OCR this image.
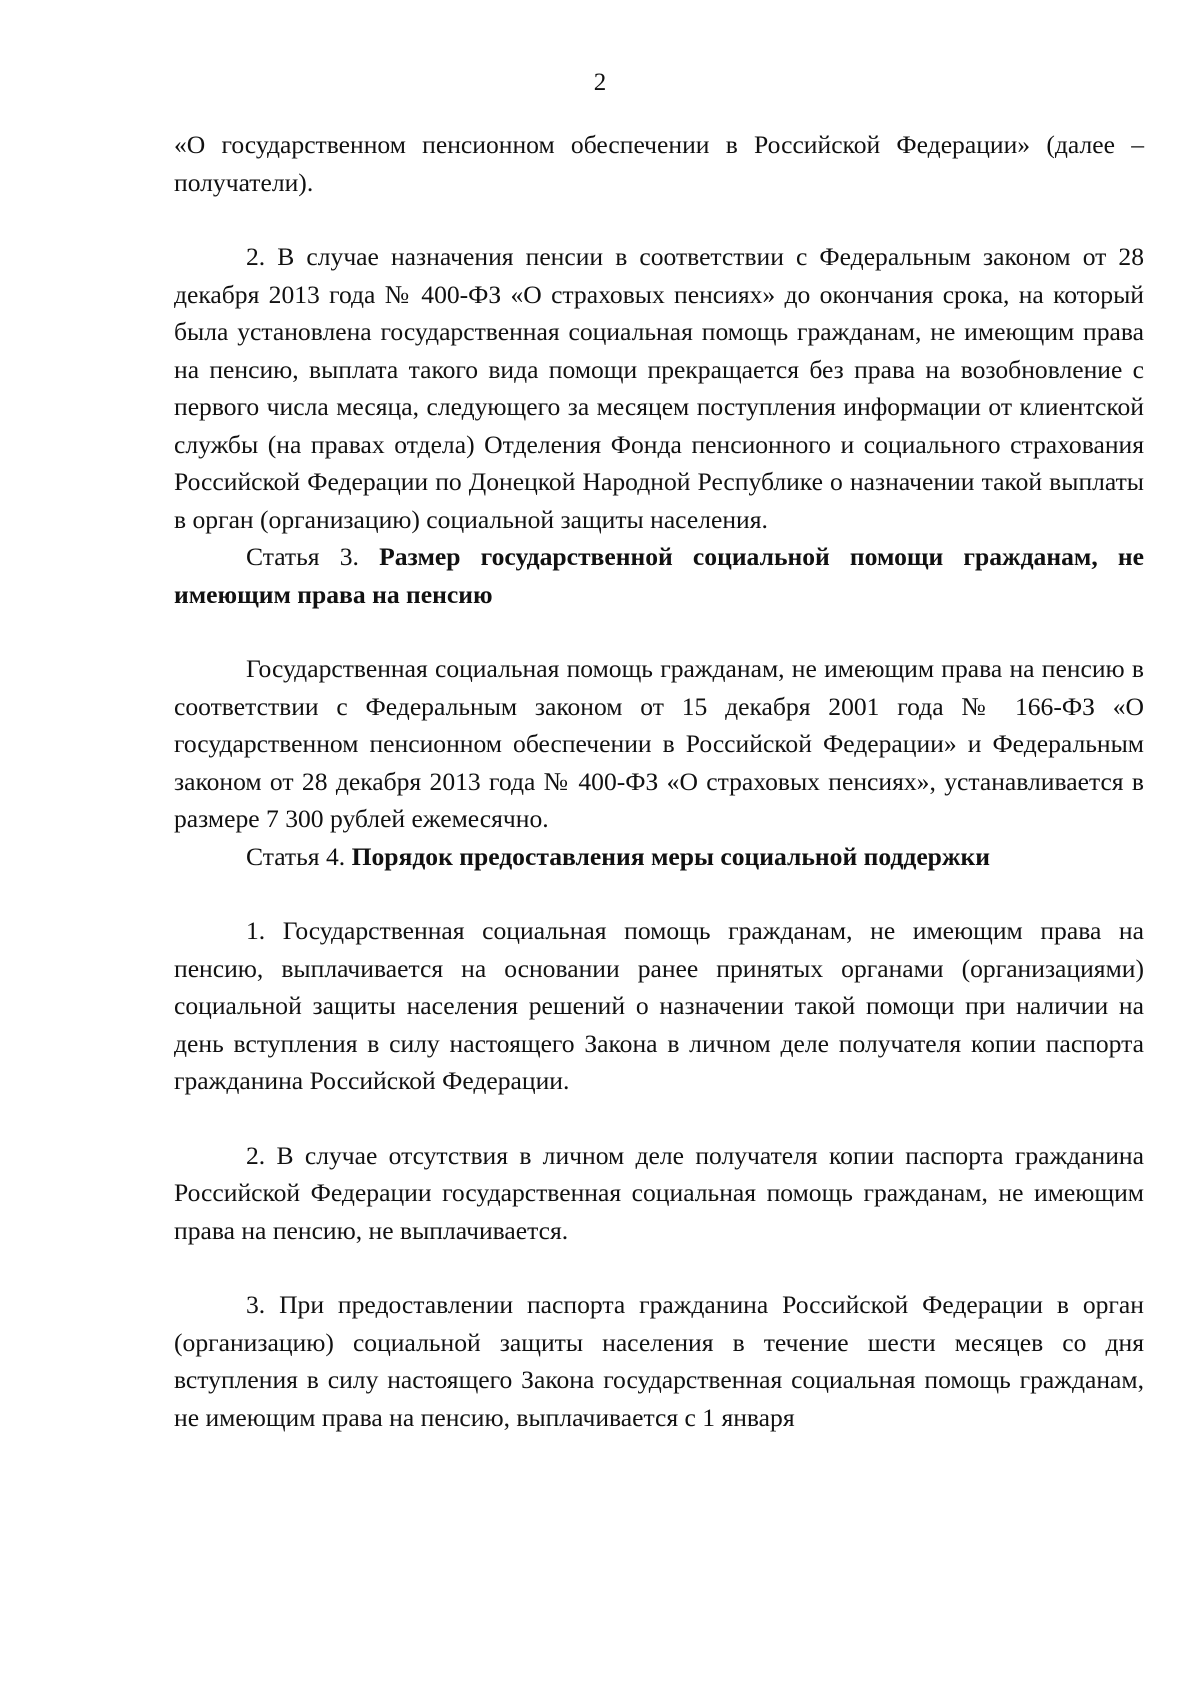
2

«О государственном пенсионном обеспечении в Российской Федерации» (далее – получатели).

2. В случае назначения пенсии в соответствии с Федеральным законом от 28 декабря 2013 года № 400-ФЗ «О страховых пенсиях» до окончания срока, на который была установлена государственная социальная помощь гражданам, не имеющим права на пенсию, выплата такого вида помощи прекращается без права на возобновление с первого числа месяца, следующего за месяцем поступления информации от клиентской службы (на правах отдела) Отделения Фонда пенсионного и социального страхования Российской Федерации по Донецкой Народной Республике о назначении такой выплаты в орган (организацию) социальной защиты населения.

Статья 3. Размер государственной социальной помощи гражданам, не имеющим права на пенсию

Государственная социальная помощь гражданам, не имеющим права на пенсию в соответствии с Федеральным законом от 15 декабря 2001 года № 166-ФЗ «О государственном пенсионном обеспечении в Российской Федерации» и Федеральным законом от 28 декабря 2013 года № 400-ФЗ «О страховых пенсиях», устанавливается в размере 7 300 рублей ежемесячно.

Статья 4. Порядок предоставления меры социальной поддержки

1. Государственная социальная помощь гражданам, не имеющим права на пенсию, выплачивается на основании ранее принятых органами (организациями) социальной защиты населения решений о назначении такой помощи при наличии на день вступления в силу настоящего Закона в личном деле получателя копии паспорта гражданина Российской Федерации.

2. В случае отсутствия в личном деле получателя копии паспорта гражданина Российской Федерации государственная социальная помощь гражданам, не имеющим права на пенсию, не выплачивается.

3. При предоставлении паспорта гражданина Российской Федерации в орган (организацию) социальной защиты населения в течение шести месяцев со дня вступления в силу настоящего Закона государственная социальная помощь гражданам, не имеющим права на пенсию, выплачивается с 1 января
